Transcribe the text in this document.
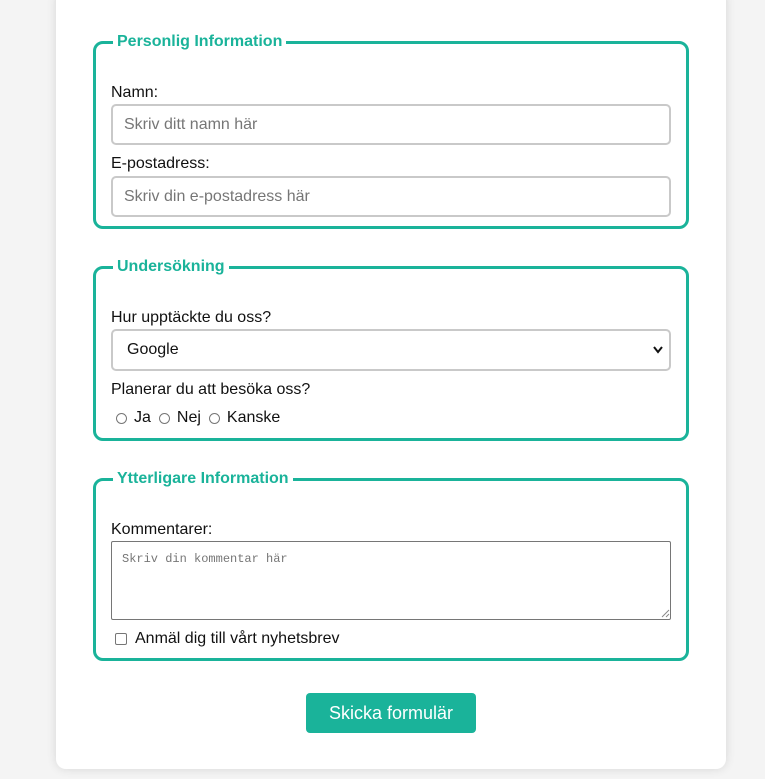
Personlig Information
Namn:
Skriv ditt namn här
E-postadress:
Skriv din e-postadress här
Undersökning
Hur upptäckte du oss?
Google
Planerar du att besöka oss?
Ja Nej Kanske
Ytterligare Information
Kommentarer:
Skriv din kommentar här
Anmäl dig till vårt nyhetsbrev
Skicka formulär
